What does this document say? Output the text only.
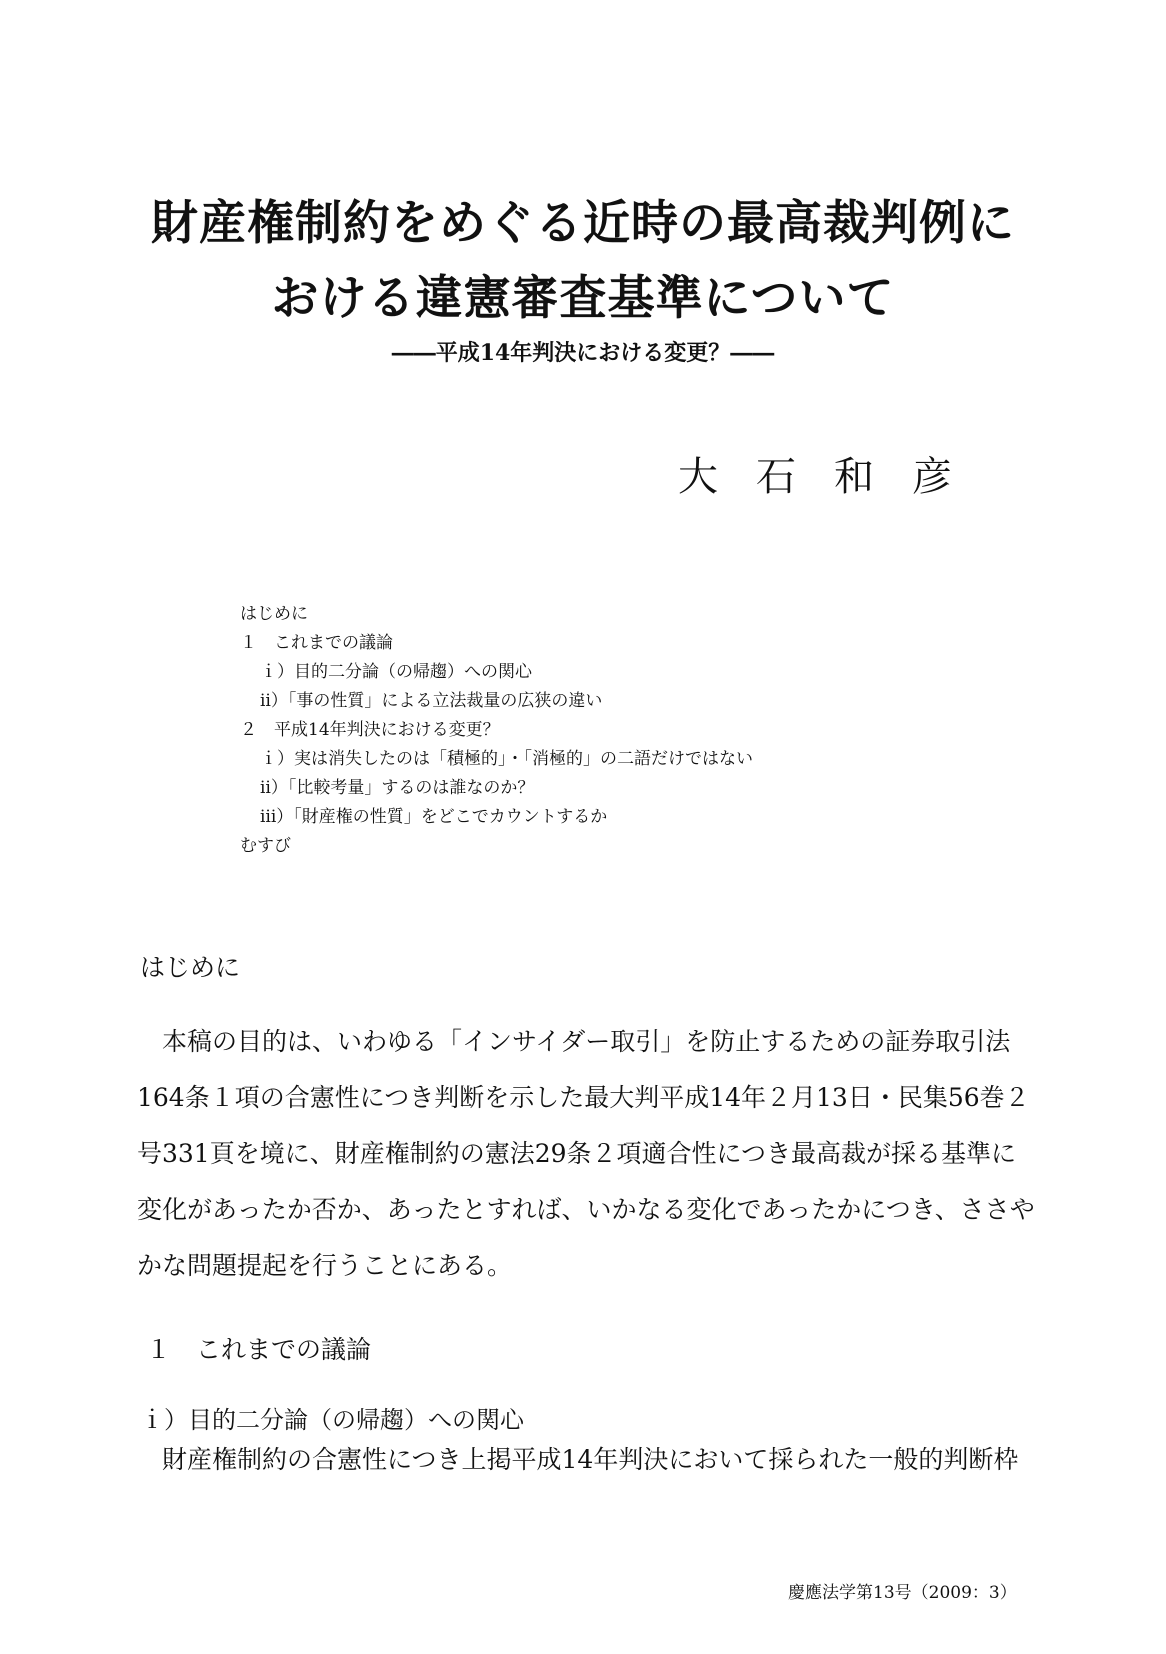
財産権制約をめぐる近時の最高裁判例に
おける違憲審査基準について
――平成14年判決における変更？――
大石和彦
はじめに
１　これまでの議論
ｉ）目的二分論（の帰趨）への関心
ⅱ）「事の性質」による立法裁量の広狭の違い
２　平成14年判決における変更？
ｉ）実は消失したのは「積極的」・「消極的」の二語だけではない
ⅱ）「比較考量」するのは誰なのか？
ⅲ）「財産権の性質」をどこでカウントするか
むすび
はじめに

本稿の目的は、いわゆる「インサイダー取引」を防止するための証券取引法164条１項の合憲性につき判断を示した最大判平成14年２月13日・民集56巻２号331頁を境に、財産権制約の憲法29条２項適合性につき最高裁が採る基準に変化があったか否か、あったとすれば、いかなる変化であったかにつき、ささやかな問題提起を行うことにある。

１　これまでの議論
ｉ）目的二分論（の帰趨）への関心

財産権制約の合憲性につき上掲平成14年判決において採られた一般的判断枠

慶應法学第13号（2009：3）
